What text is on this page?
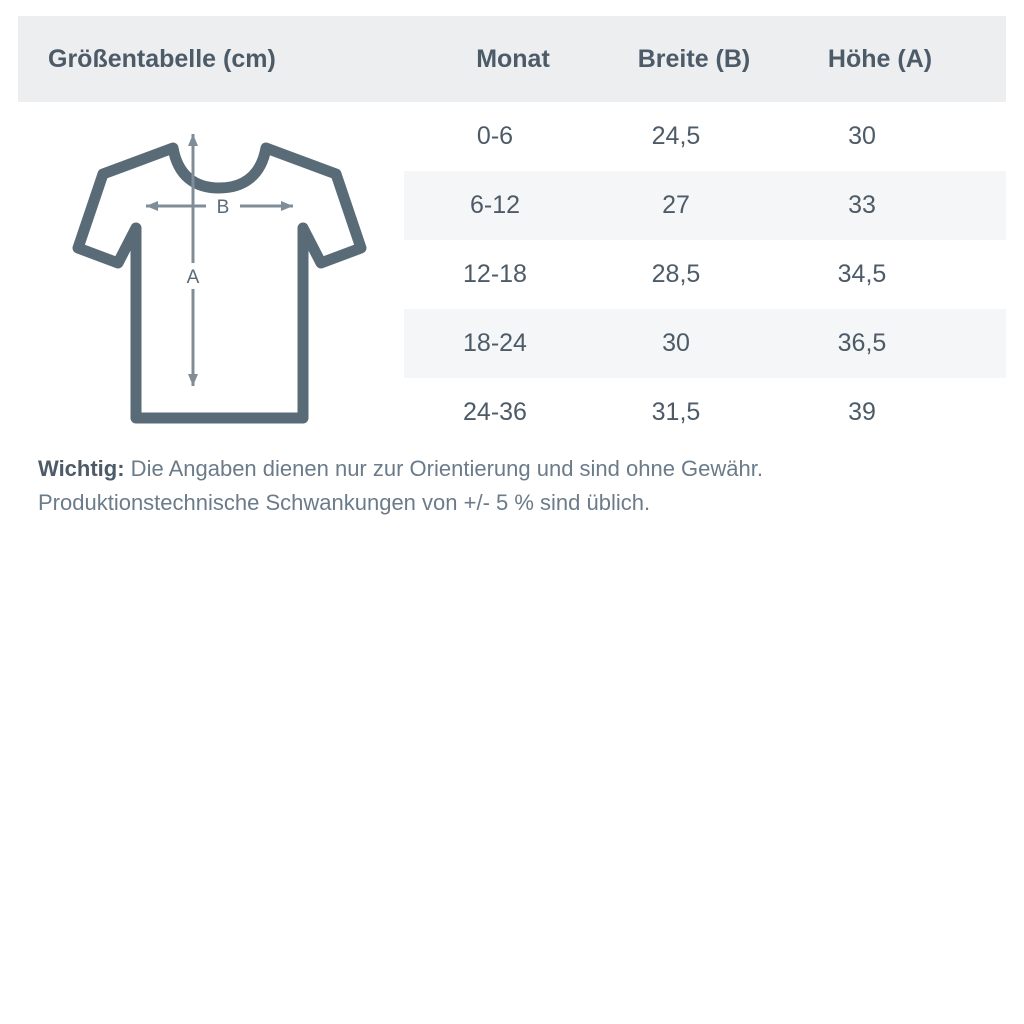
Größentabelle (cm)	Monat	Breite (B)	Höhe (A)
0-6	24,5	30
6-12	27	33
12-18	28,5	34,5
18-24	30	36,5
24-36	31,5	39
B
A
Wichtig: Die Angaben dienen nur zur Orientierung und sind ohne Gewähr.
Produktionstechnische Schwankungen von +/- 5 % sind üblich.
